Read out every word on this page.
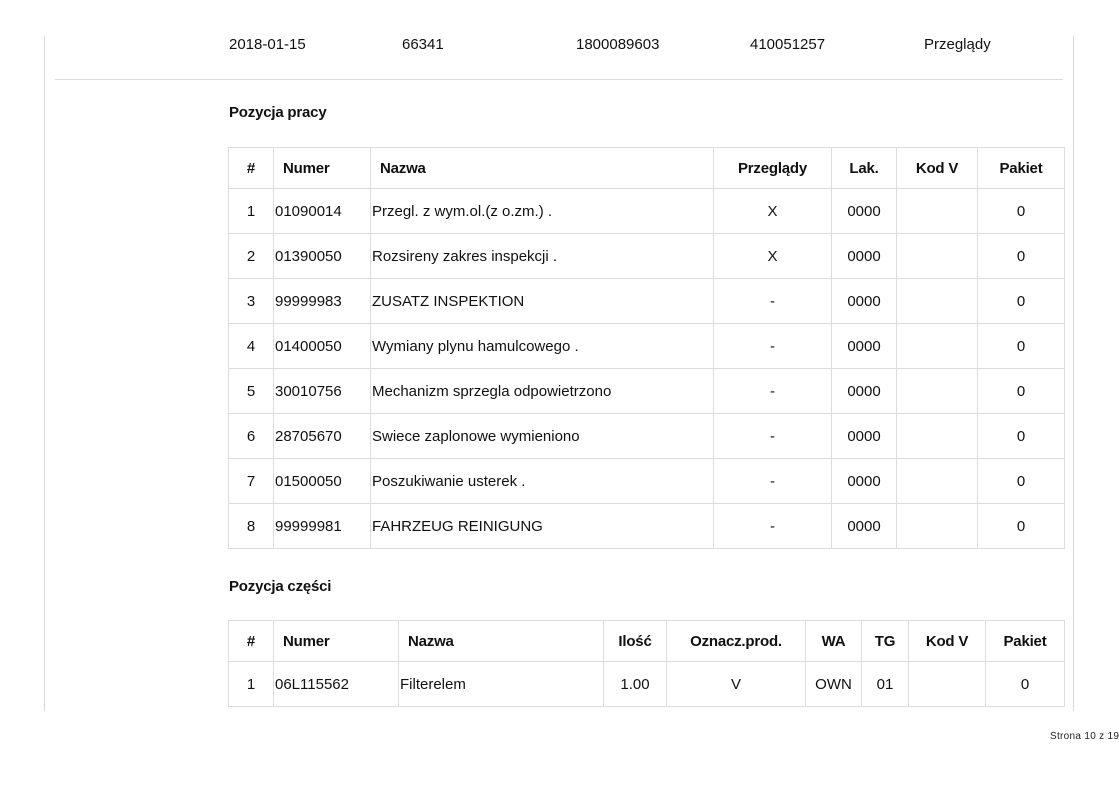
2018-01-15	66341	1800089603	410051257	Przeglądy
Pozycja pracy
#	Numer	Nazwa	Przeglądy	Lak.	Kod V	Pakiet
1	01090014	Przegl. z wym.ol.(z o.zm.) .	X	0000		0
2	01390050	Rozsireny zakres inspekcji .	X	0000		0
3	99999983	ZUSATZ INSPEKTION	-	0000		0
4	01400050	Wymiany plynu hamulcowego .	-	0000		0
5	30010756	Mechanizm sprzegla odpowietrzono	-	0000		0
6	28705670	Swiece zaplonowe wymieniono	-	0000		0
7	01500050	Poszukiwanie usterek .	-	0000		0
8	99999981	FAHRZEUG REINIGUNG	-	0000		0
Pozycja części
#	Numer	Nazwa	Ilość	Oznacz.prod.	WA	TG	Kod V	Pakiet
1	06L115562	Filterelem	1.00	V	OWN	01		0
Strona 10 z 19
